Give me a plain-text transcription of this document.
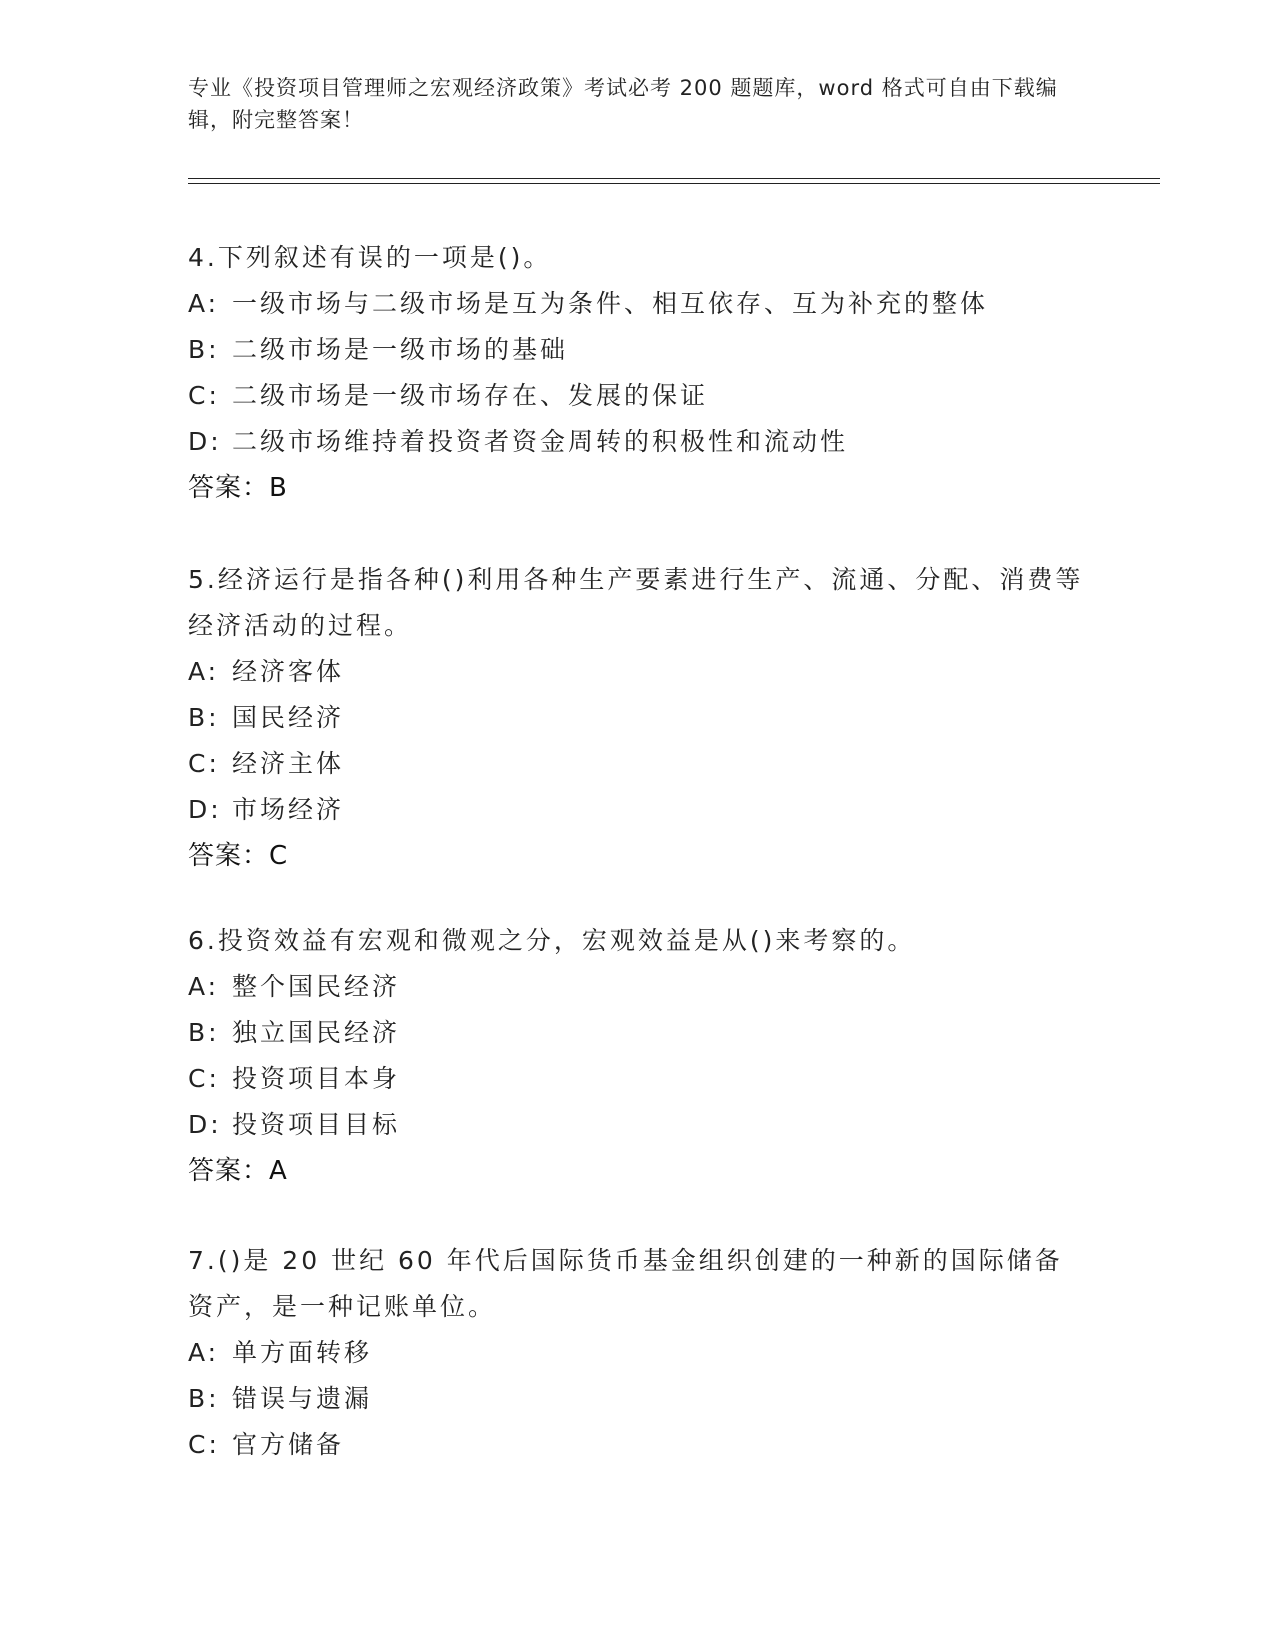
专业《投资项目管理师之宏观经济政策》考试必考 200 题题库，word 格式可自由下载编辑，附完整答案！

4.下列叙述有误的一项是()。

A: 一级市场与二级市场是互为条件、相互依存、互为补充的整体

B: 二级市场是一级市场的基础

C: 二级市场是一级市场存在、发展的保证

D: 二级市场维持着投资者资金周转的积极性和流动性

答案：B

5.经济运行是指各种()利用各种生产要素进行生产、流通、分配、消费等经济活动的过程。

A: 经济客体

B: 国民经济

C: 经济主体

D: 市场经济

答案：C

6.投资效益有宏观和微观之分，宏观效益是从()来考察的。

A: 整个国民经济

B: 独立国民经济

C: 投资项目本身

D: 投资项目目标

答案：A

7.()是 20 世纪 60 年代后国际货币基金组织创建的一种新的国际储备资产，是一种记账单位。

A: 单方面转移

B: 错误与遗漏

C: 官方储备
